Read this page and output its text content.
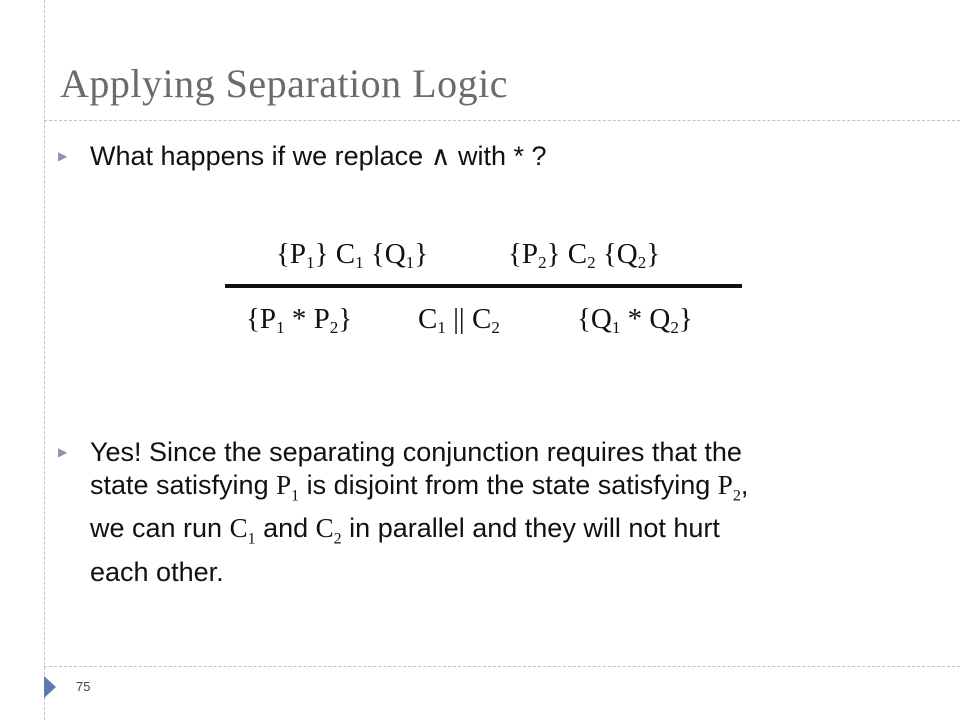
Applying Separation Logic
▶ What happens if we replace ∧ with * ?
$\{P_1\}$ $C_1$ $\{Q_1\}$	$\{P_2\}$ $C_2$ $\{Q_2\}$
$\{P_1 * P_2\}$ $C_1$ || $C_2$	$\{Q_1 * Q_2\}$
▶ Yes! Since the separating conjunction requires that the
state satisfying $P_1$ is disjoint from the state satisfying $P_2$,
we can run $C_1$ and $C_2$ in parallel and they will not hurt
each other.
75
